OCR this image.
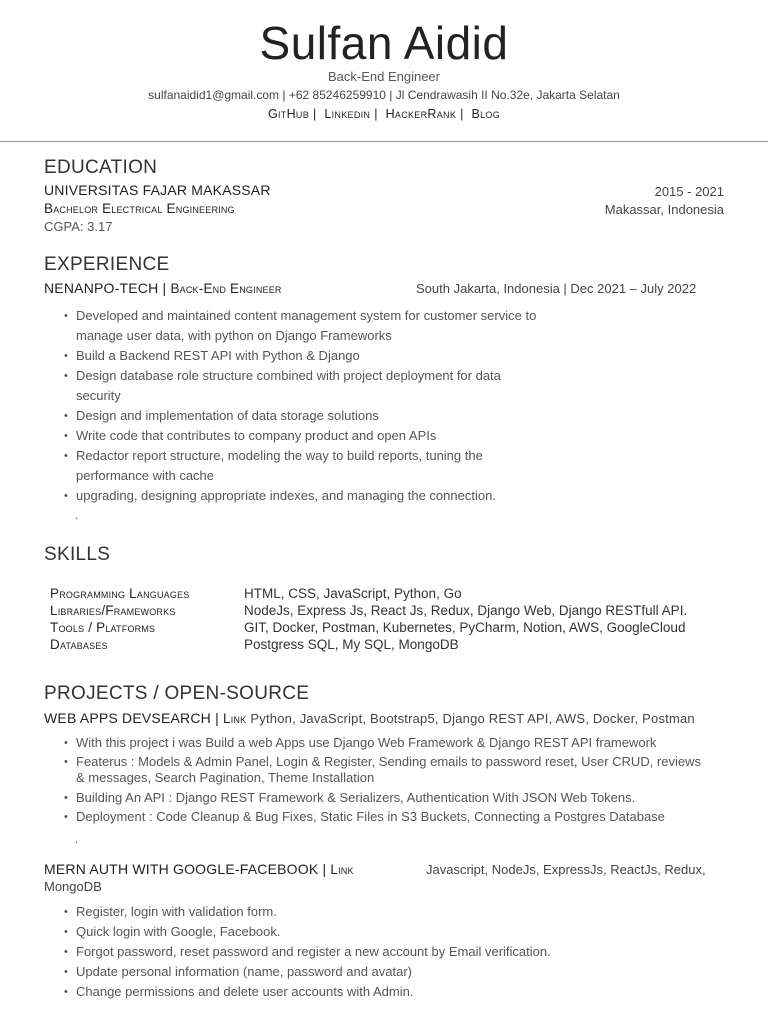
Sulfan Aidid
Back-End Engineer
sulfanaidid1@gmail.com | +62 85246259910 | Jl Cendrawasih II No.32e, Jakarta Selatan
GitHub | Linkedin | HackerRank | Blog
EDUCATION
UNIVERSITAS FAJAR MAKASSAR	2015 - 2021
Bachelor Electrical Engineering	Makassar, Indonesia
CGPA: 3.17
EXPERIENCE
NENANPO-TECH | Back-End Engineer	South Jakarta, Indonesia | Dec 2021 – July 2022
• Developed and maintained content management system for customer service to manage user data, with python on Django Frameworks
• Build a Backend REST API with Python & Django
• Design database role structure combined with project deployment for data security
• Design and implementation of data storage solutions
• Write code that contributes to company product and open APIs
• Redactor report structure, modeling the way to build reports, tuning the performance with cache
• upgrading, designing appropriate indexes, and managing the connection.
.
SKILLS
Programming Languages	HTML, CSS, JavaScript, Python, Go
Libraries/Frameworks	NodeJs, Express Js, React Js, Redux, Django Web, Django RESTfull API.
Tools / Platforms	GIT, Docker, Postman, Kubernetes, PyCharm, Notion, AWS, GoogleCloud
Databases	Postgress SQL, My SQL, MongoDB
PROJECTS / OPEN-SOURCE
WEB APPS DEVSEARCH | Link Python, JavaScript, Bootstrap5, Django REST API, AWS, Docker, Postman
• With this project i was Build a web Apps use Django Web Framework & Django REST API framework
• Featerus : Models & Admin Panel, Login & Register, Sending emails to password reset, User CRUD, reviews & messages, Search Pagination, Theme Installation
• Building An API : Django REST Framework & Serializers, Authentication With JSON Web Tokens.
• Deployment : Code Cleanup & Bug Fixes, Static Files in S3 Buckets, Connecting a Postgres Database
.
MERN AUTH WITH GOOGLE-FACEBOOK | Link	Javascript, NodeJs, ExpressJs, ReactJs, Redux,
MongoDB
• Register, login with validation form.
• Quick login with Google, Facebook.
• Forgot password, reset password and register a new account by Email verification.
• Update personal information (name, password and avatar)
• Change permissions and delete user accounts with Admin.
